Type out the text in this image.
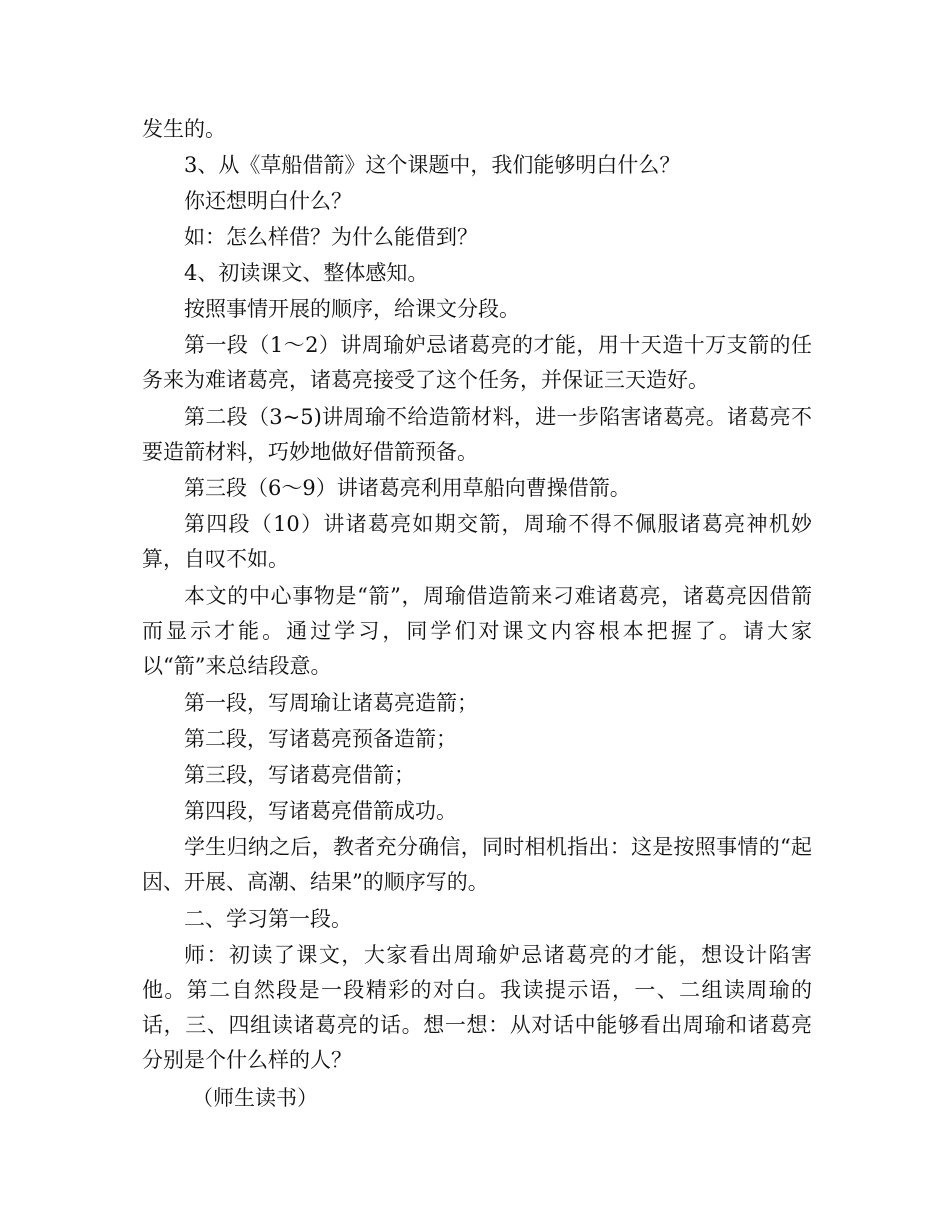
发生的。

3、从《草船借箭》这个课题中，我们能够明白什么？

你还想明白什么？

如：怎么样借？为什么能借到？

4、初读课文、整体感知。

按照事情开展的顺序，给课文分段。

第一段（1～2）讲周瑜妒忌诸葛亮的才能，用十天造十万支箭的任务来为难诸葛亮，诸葛亮接受了这个任务，并保证三天造好。

第二段（3~5)讲周瑜不给造箭材料，进一步陷害诸葛亮。诸葛亮不要造箭材料，巧妙地做好借箭预备。

第三段（6～9）讲诸葛亮利用草船向曹操借箭。

第四段（10）讲诸葛亮如期交箭，周瑜不得不佩服诸葛亮神机妙算，自叹不如。

本文的中心事物是“箭”，周瑜借造箭来刁难诸葛亮，诸葛亮因借箭而显示才能。通过学习，同学们对课文内容根本把握了。请大家以“箭”来总结段意。

第一段，写周瑜让诸葛亮造箭；

第二段，写诸葛亮预备造箭；

第三段，写诸葛亮借箭；

第四段，写诸葛亮借箭成功。

学生归纳之后，教者充分确信，同时相机指出：这是按照事情的“起因、开展、高潮、结果”的顺序写的。

二、学习第一段。

师：初读了课文，大家看出周瑜妒忌诸葛亮的才能，想设计陷害他。第二自然段是一段精彩的对白。我读提示语，一、二组读周瑜的话，三、四组读诸葛亮的话。想一想：从对话中能够看出周瑜和诸葛亮分别是个什么样的人？

（师生读书）
